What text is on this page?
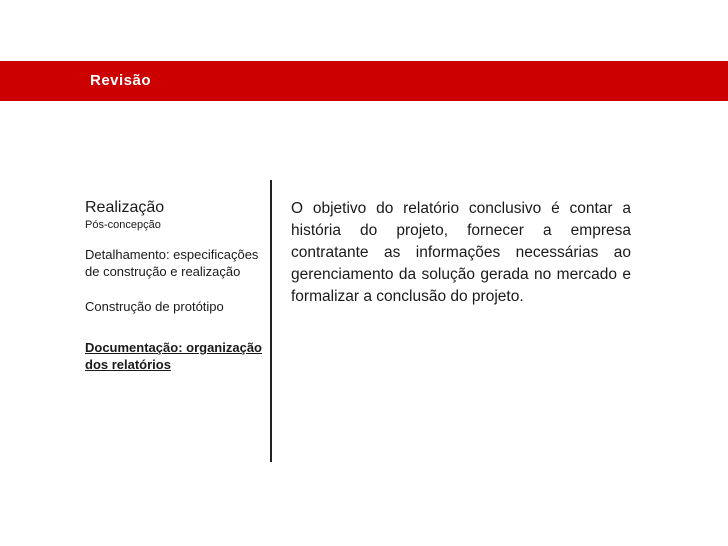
Revisão

Realização

Pós-concepção

Detalhamento: especificações de construção e realização

Construção de protótipo

Documentação: organização dos relatórios

O objetivo do relatório conclusivo é contar a história do projeto, fornecer a empresa contratante as informações necessárias ao gerenciamento da solução gerada no mercado e formalizar a conclusão do projeto.
